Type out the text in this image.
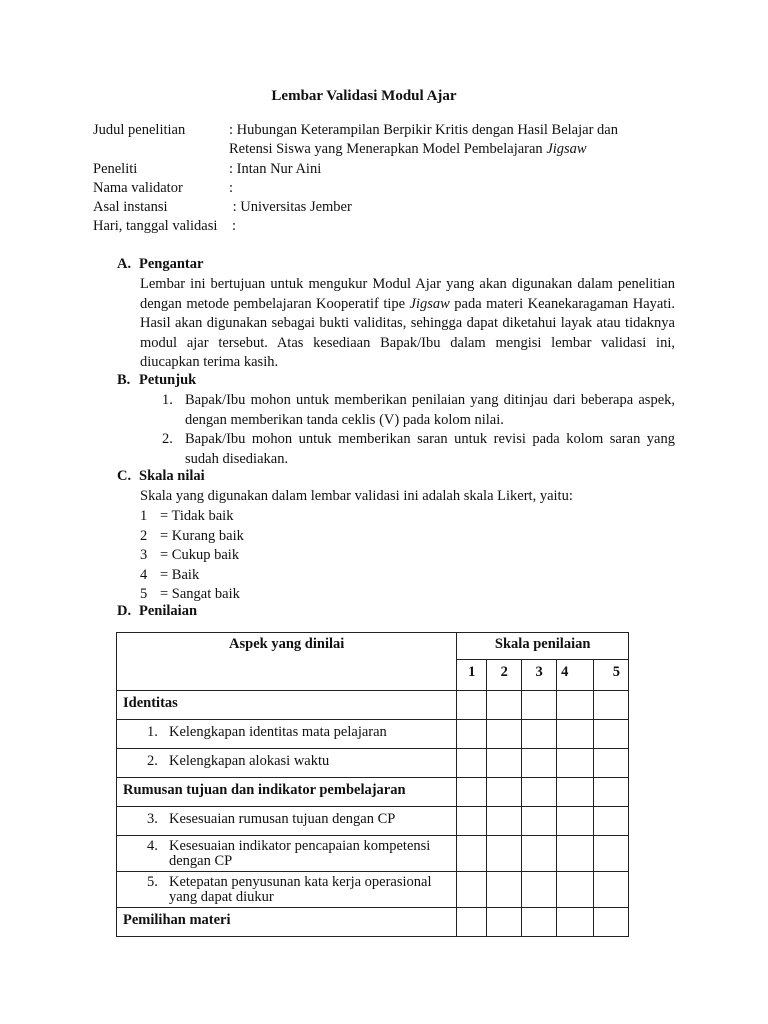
Lembar Validasi Modul Ajar
Judul penelitian	: Hubungan Keterampilan Berpikir Kritis dengan Hasil Belajar dan
Retensi Siswa yang Menerapkan Model Pembelajaran Jigsaw
Peneliti	: Intan Nur Aini
Nama validator	:
Asal instansi	: Universitas Jember
Hari, tanggal validasi :
A. Pengantar
Lembar ini bertujuan untuk mengukur Modul Ajar yang akan digunakan dalam penelitian dengan metode pembelajaran Kooperatif tipe Jigsaw pada materi Keanekaragaman Hayati. Hasil akan digunakan sebagai bukti validitas, sehingga dapat diketahui layak atau tidaknya modul ajar tersebut. Atas kesediaan Bapak/Ibu dalam mengisi lembar validasi ini, diucapkan terima kasih.
B. Petunjuk
1. Bapak/Ibu mohon untuk memberikan penilaian yang ditinjau dari beberapa aspek, dengan memberikan tanda ceklis (V) pada kolom nilai.
2. Bapak/Ibu mohon untuk memberikan saran untuk revisi pada kolom saran yang sudah disediakan.
C. Skala nilai
Skala yang digunakan dalam lembar validasi ini adalah skala Likert, yaitu:
1 = Tidak baik
2 = Kurang baik
3 = Cukup baik
4 = Baik
5 = Sangat baik
D. Penilaian
Aspek yang dinilai	Skala penilaian				
	1	2	3	4	5
Identitas					

1. Kelengkapan identitas mata pelajaran					

2. Kelengkapan alokasi waktu					

Rumusan tujuan dan indikator pembelajaran					

3. Kesesuaian rumusan tujuan dengan CP					

4. Kesesuaian indikator pencapaian kompetensi dengan CP					

5. Ketepatan penyusunan kata kerja operasional yang dapat diukur					

Pemilihan materi					
